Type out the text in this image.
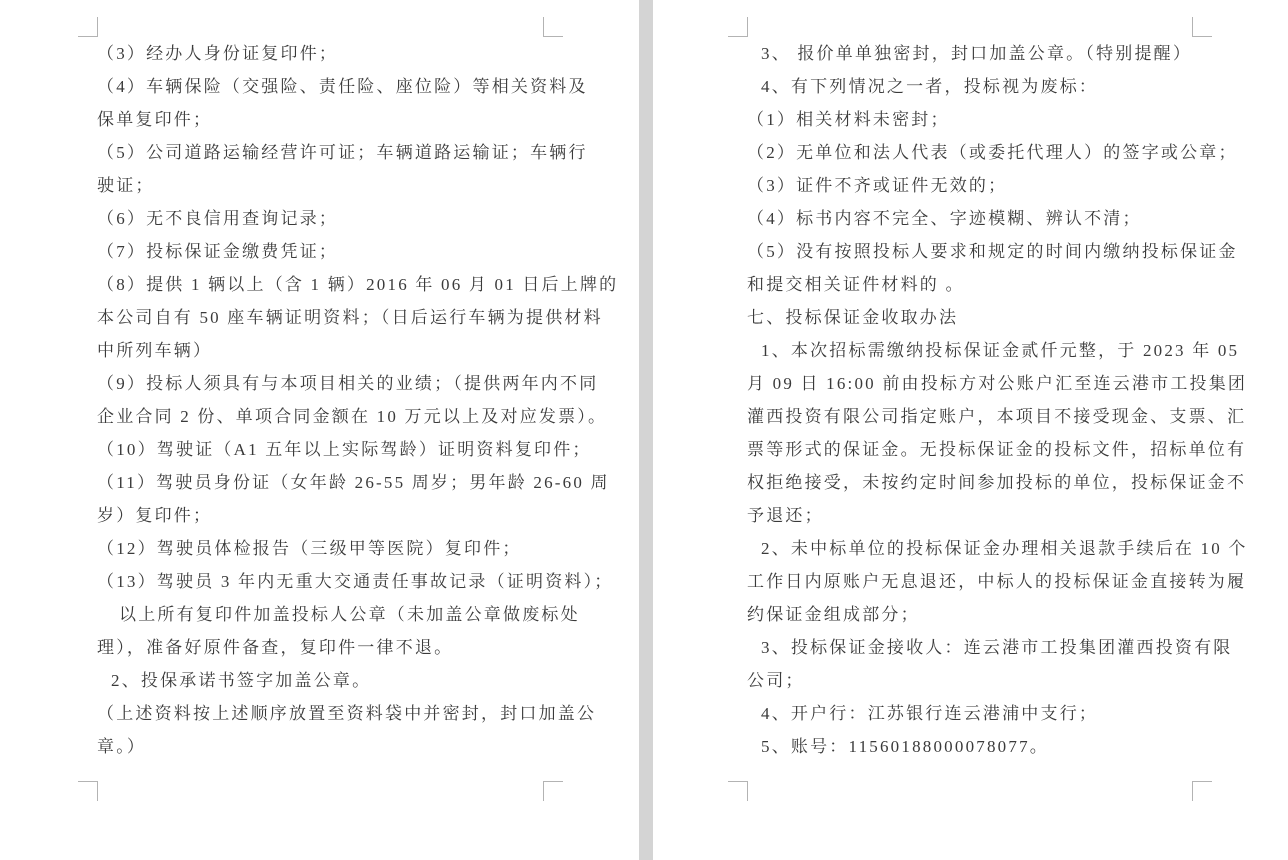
（3）经办人身份证复印件；
（4）车辆保险（交强险、责任险、座位险）等相关资料及
保单复印件；
（5）公司道路运输经营许可证；车辆道路运输证；车辆行
驶证；
（6）无不良信用查询记录；
（7）投标保证金缴费凭证；
（8）提供 1 辆以上（含 1 辆）2016 年 06 月 01 日后上牌的
本公司自有 50 座车辆证明资料；（日后运行车辆为提供材料
中所列车辆）
（9）投标人须具有与本项目相关的业绩；（提供两年内不同
企业合同 2 份、单项合同金额在 10 万元以上及对应发票）。
（10）驾驶证（A1 五年以上实际驾龄）证明资料复印件；
（11）驾驶员身份证（女年龄 26-55 周岁；男年龄 26-60 周
岁）复印件；
（12）驾驶员体检报告（三级甲等医院）复印件；
（13）驾驶员 3 年内无重大交通责任事故记录（证明资料）；
以上所有复印件加盖投标人公章（未加盖公章做废标处
理），准备好原件备查，复印件一律不退。
2、投保承诺书签字加盖公章。
（上述资料按上述顺序放置至资料袋中并密封，封口加盖公
章。）
3、 报价单单独密封，封口加盖公章。（特别提醒）
4、有下列情况之一者，投标视为废标：
（1）相关材料未密封；
（2）无单位和法人代表（或委托代理人）的签字或公章；
（3）证件不齐或证件无效的；
（4）标书内容不完全、字迹模糊、辨认不清；
（5）没有按照投标人要求和规定的时间内缴纳投标保证金
和提交相关证件材料的 。
七、投标保证金收取办法
1、本次招标需缴纳投标保证金贰仟元整，于 2023 年 05
月 09 日 16:00 前由投标方对公账户汇至连云港市工投集团
灌西投资有限公司指定账户，本项目不接受现金、支票、汇
票等形式的保证金。无投标保证金的投标文件，招标单位有
权拒绝接受，未按约定时间参加投标的单位，投标保证金不
予退还；
2、未中标单位的投标保证金办理相关退款手续后在 10 个
工作日内原账户无息退还，中标人的投标保证金直接转为履
约保证金组成部分；
3、投标保证金接收人：连云港市工投集团灌西投资有限
公司；
4、开户行：江苏银行连云港浦中支行；
5、账号：11560188000078077。
